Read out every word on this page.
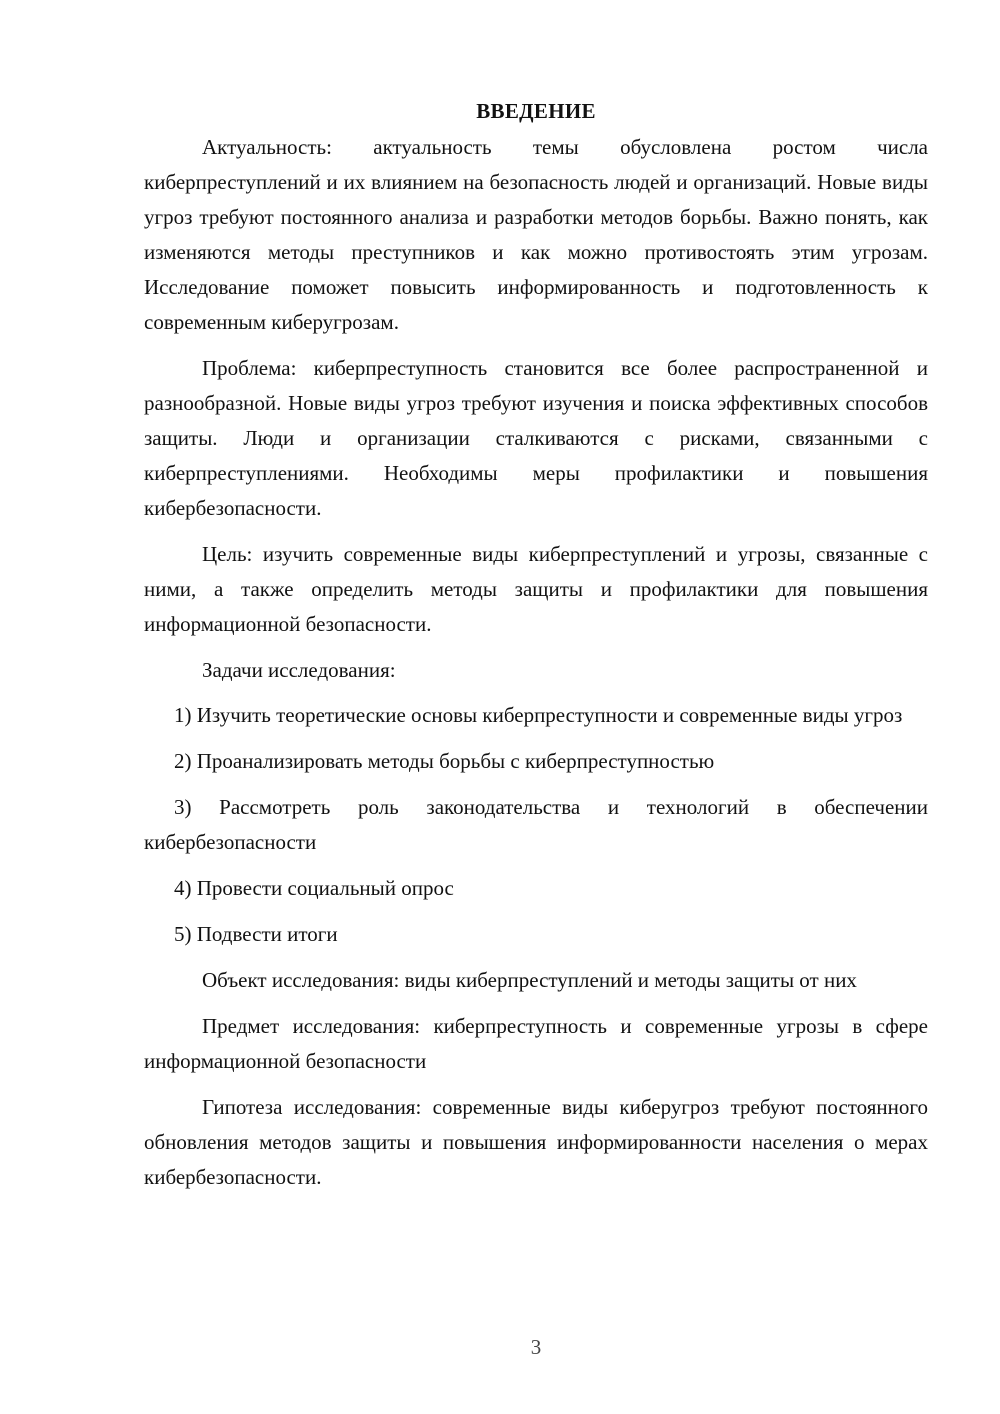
ВВЕДЕНИЕ

Актуальность: актуальность темы обусловлена ростом числа киберпреступлений и их влиянием на безопасность людей и организаций. Новые виды угроз требуют постоянного анализа и разработки методов борьбы. Важно понять, как изменяются методы преступников и как можно противостоять этим угрозам. Исследование поможет повысить информированность и подготовленность к современным киберугрозам.

Проблема: киберпреступность становится все более распространенной и разнообразной. Новые виды угроз требуют изучения и поиска эффективных способов защиты. Люди и организации сталкиваются с рисками, связанными с киберпреступлениями. Необходимы меры профилактики и повышения кибербезопасности.

Цель: изучить современные виды киберпреступлений и угрозы, связанные с ними, а также определить методы защиты и профилактики для повышения информационной безопасности.

Задачи исследования:

1) Изучить теоретические основы киберпреступности и современные виды угроз

2) Проанализировать методы борьбы с киберпреступностью

3) Рассмотреть роль законодательства и технологий в обеспечении кибербезопасности

4) Провести социальный опрос

5) Подвести итоги

Объект исследования: виды киберпреступлений и методы защиты от них

Предмет исследования: киберпреступность и современные угрозы в сфере информационной безопасности

Гипотеза исследования: современные виды киберугроз требуют постоянного обновления методов защиты и повышения информированности населения о мерах кибербезопасности.

3
